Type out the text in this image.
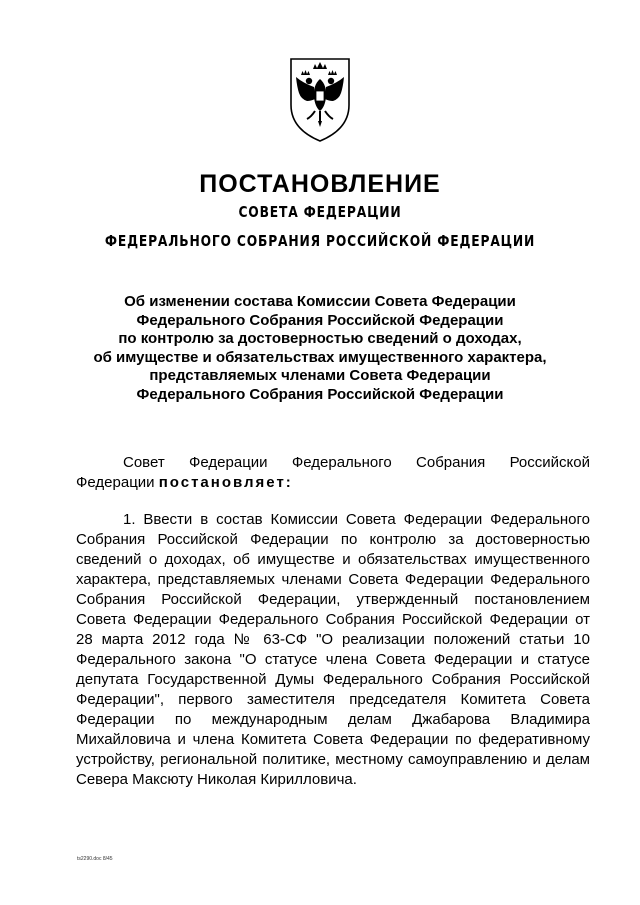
ПОСТАНОВЛЕНИЕ
СОВЕТА ФЕДЕРАЦИИ
ФЕДЕРАЛЬНОГО СОБРАНИЯ РОССИЙСКОЙ ФЕДЕРАЦИИ
Об изменении состава Комиссии Совета Федерации
Федерального Собрания Российской Федерации
по контролю за достоверностью сведений о доходах,
об имуществе и обязательствах имущественного характера,
представляемых членами Совета Федерации
Федерального Собрания Российской Федерации
Совет Федерации Федерального Собрания Российской Федерации постановляет:
1. Ввести в состав Комиссии Совета Федерации Федерального Собрания Российской Федерации по контролю за достоверностью сведений о доходах, об имуществе и обязательствах имущественного характера, представляемых членами Совета Федерации Федерального Собрания Российской Федерации, утвержденный постановлением Совета Федерации Федерального Собрания Российской Федерации от 28 марта 2012 года № 63-СФ "О реализации положений статьи 10 Федерального закона "О статусе члена Совета Федерации и статусе депутата Государственной Думы Федерального Собрания Российской Федерации", первого заместителя председателя Комитета Совета Федерации по международным делам Джабарова Владимира Михайловича и члена Комитета Совета Федерации по федеративному устройству, региональной политике, местному самоуправлению и делам Севера Максюту Николая Кирилловича.
ts2290.doc 8/45
